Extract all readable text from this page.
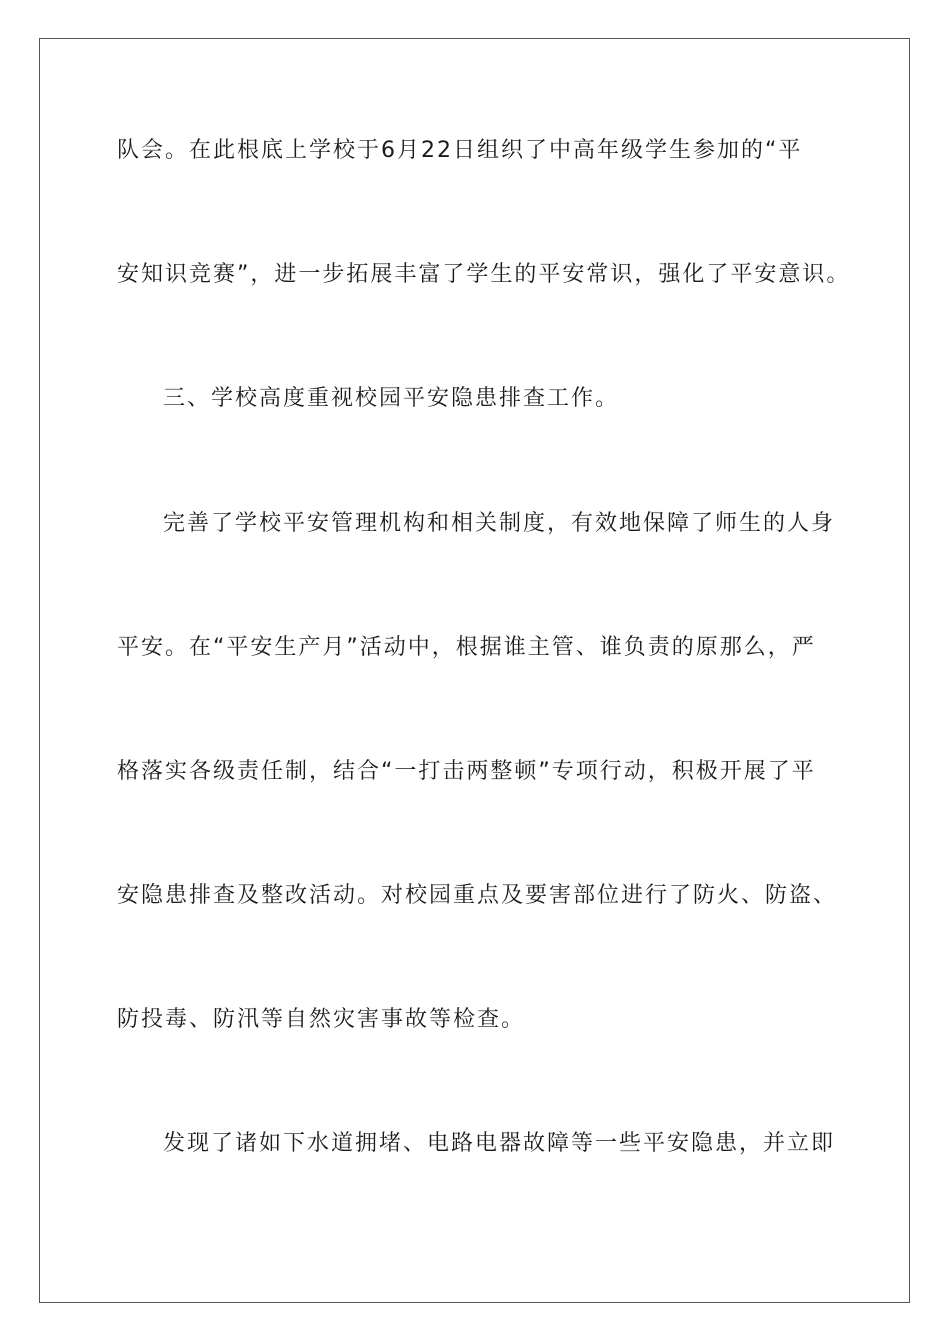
队会。在此根底上学校于6月22日组织了中高年级学生参加的“平
安知识竞赛”，进一步拓展丰富了学生的平安常识，强化了平安意识。
三、学校高度重视校园平安隐患排查工作。
完善了学校平安管理机构和相关制度，有效地保障了师生的人身
平安。在“平安生产月”活动中，根据谁主管、谁负责的原那么，严
格落实各级责任制，结合“一打击两整顿”专项行动，积极开展了平
安隐患排查及整改活动。对校园重点及要害部位进行了防火、防盗、
防投毒、防汛等自然灾害事故等检查。
发现了诸如下水道拥堵、电路电器故障等一些平安隐患，并立即
